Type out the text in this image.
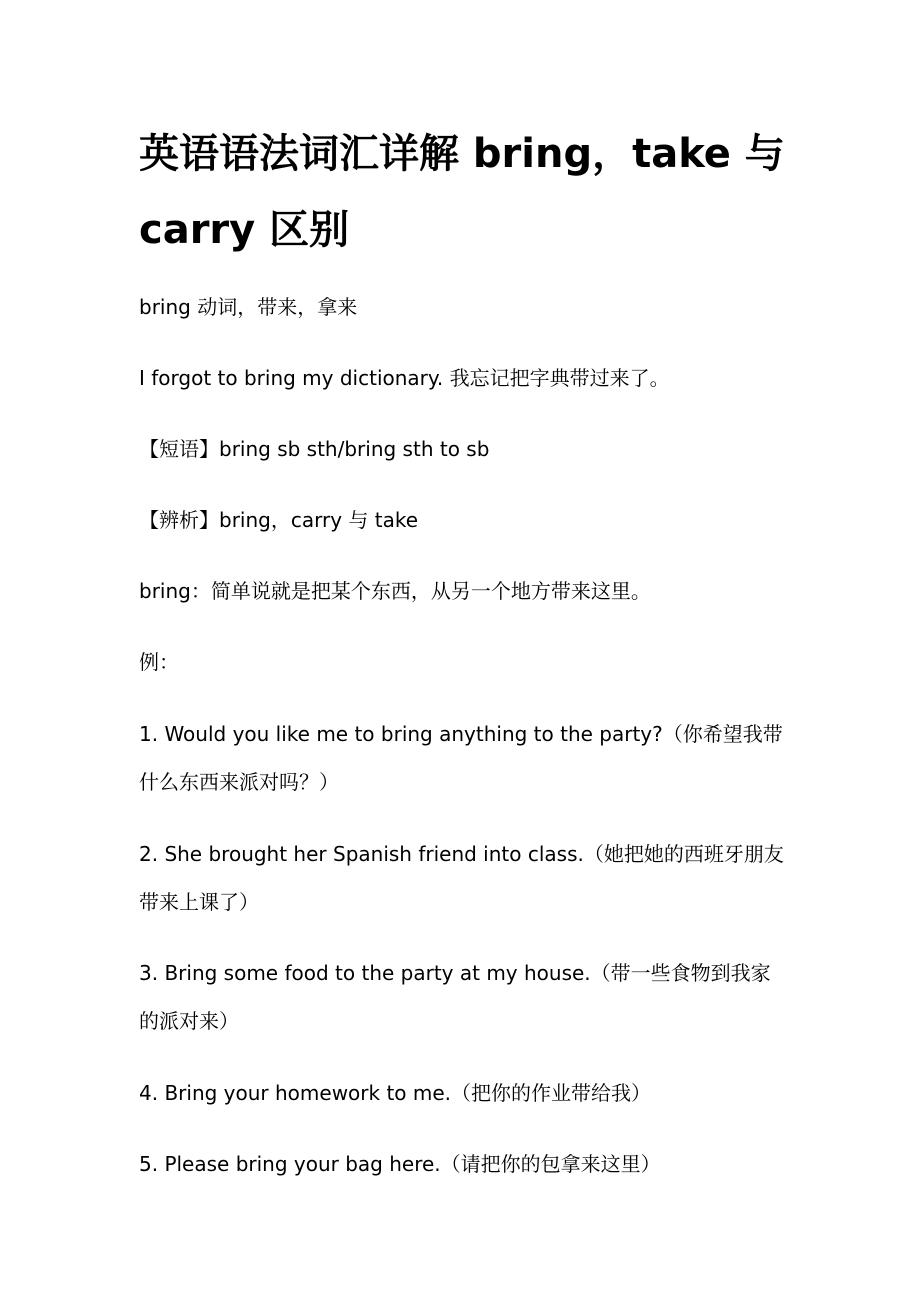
英语语法词汇详解 bring，take 与 carry 区别

bring 动词，带来，拿来

I forgot to bring my dictionary. 我忘记把字典带过来了。

【短语】bring sb sth/bring sth to sb

【辨析】bring，carry 与 take

bring：简单说就是把某个东西，从另一个地方带来这里。

例：

1. Would you like me to bring anything to the party?（你希望我带什么东西来派对吗？）

2. She brought her Spanish friend into class.（她把她的西班牙朋友带来上课了）

3. Bring some food to the party at my house.（带一些食物到我家的派对来）

4. Bring your homework to me.（把你的作业带给我）

5. Please bring your bag here.（请把你的包拿来这里）
